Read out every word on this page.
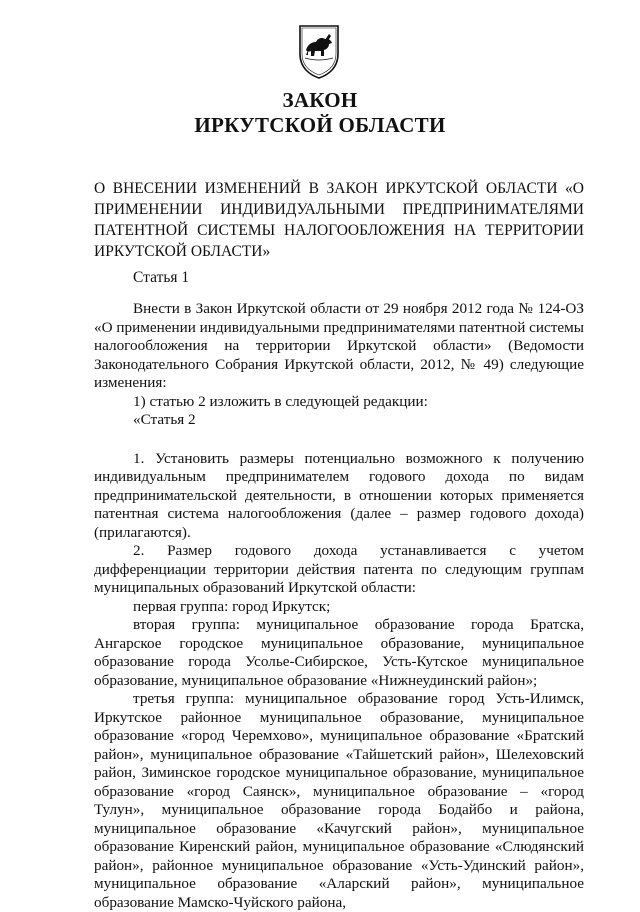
ЗАКОН
ИРКУТСКОЙ ОБЛАСТИ
О ВНЕСЕНИИ ИЗМЕНЕНИЙ В ЗАКОН ИРКУТСКОЙ ОБЛАСТИ «О ПРИМЕНЕНИИ ИНДИВИДУАЛЬНЫМИ ПРЕДПРИНИМАТЕЛЯМИ ПАТЕНТНОЙ СИСТЕМЫ НАЛОГООБЛОЖЕНИЯ НА ТЕРРИТОРИИ ИРКУТСКОЙ ОБЛАСТИ»
Статья 1

Внести в Закон Иркутской области от 29 ноября 2012 года № 124-ОЗ «О применении индивидуальными предпринимателями патентной системы налогообложения на территории Иркутской области» (Ведомости Законодательного Собрания Иркутской области, 2012, № 49) следующие изменения:

1) статью 2 изложить в следующей редакции:

«Статья 2

1. Установить размеры потенциально возможного к получению индивидуальным предпринимателем годового дохода по видам предпринимательской деятельности, в отношении которых применяется патентная система налогообложения (далее – размер годового дохода) (прилагаются).

2. Размер годового дохода устанавливается с учетом дифференциации территории действия патента по следующим группам муниципальных образований Иркутской области:

первая группа: город Иркутск;

вторая группа: муниципальное образование города Братска, Ангарское городское муниципальное образование, муниципальное образование города Усолье-Сибирское, Усть-Кутское муниципальное образование, муниципальное образование «Нижнеудинский район»;

третья группа: муниципальное образование город Усть-Илимск, Иркутское районное муниципальное образование, муниципальное образование «город Черемхово», муниципальное образование «Братский район», муниципальное образование «Тайшетский район», Шелеховский район, Зиминское городское муниципальное образование, муниципальное образование «город Саянск», муниципальное образование – «город Тулун», муниципальное образование города Бодайбо и района, муниципальное образование «Качугский район», муниципальное образование Киренский район, муниципальное образование «Слюдянский район», районное муниципальное образование «Усть-Удинский район», муниципальное образование «Аларский район», муниципальное образование Мамско-Чуйского района,
